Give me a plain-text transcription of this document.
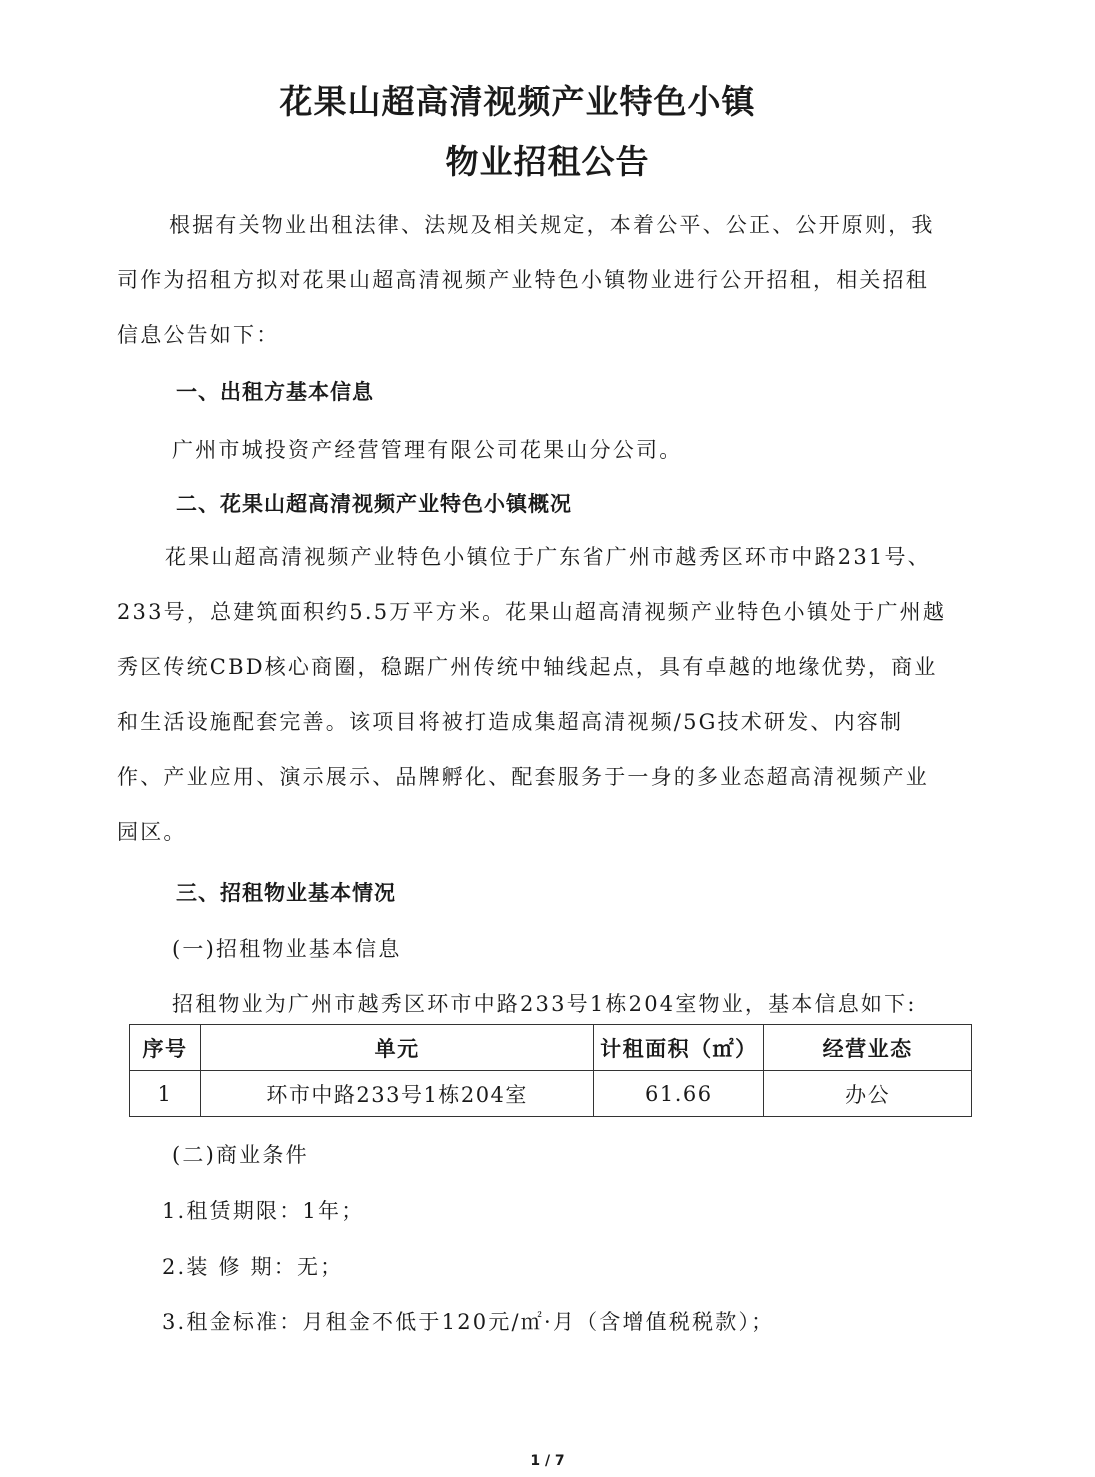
花果山超高清视频产业特色小镇
物业招租公告

根据有关物业出租法律、法规及相关规定，本着公平、公正、公开原则，我司作为招租方拟对花果山超高清视频产业特色小镇物业进行公开招租，相关招租信息公告如下：

一、出租方基本信息
广州市城投资产经营管理有限公司花果山分公司。
二、花果山超高清视频产业特色小镇概况

花果山超高清视频产业特色小镇位于广东省广州市越秀区环市中路231号、233号，总建筑面积约5.5万平方米。花果山超高清视频产业特色小镇处于广州越秀区传统CBD核心商圈，稳踞广州传统中轴线起点，具有卓越的地缘优势，商业和生活设施配套完善。该项目将被打造成集超高清视频/5G技术研发、内容制作、产业应用、演示展示、品牌孵化、配套服务于一身的多业态超高清视频产业园区。

三、招租物业基本情况
(一)招租物业基本信息
招租物业为广州市越秀区环市中路233号1栋204室物业，基本信息如下:
序号	单元	计租面积（㎡）	经营业态
1	环市中路233号1栋204室	61.66	办公
(二)商业条件
1.租赁期限：1年；
2.装 修 期：无；
3.租金标准：月租金不低于120元/㎡·月（含增值税税款）；
1 / 7
